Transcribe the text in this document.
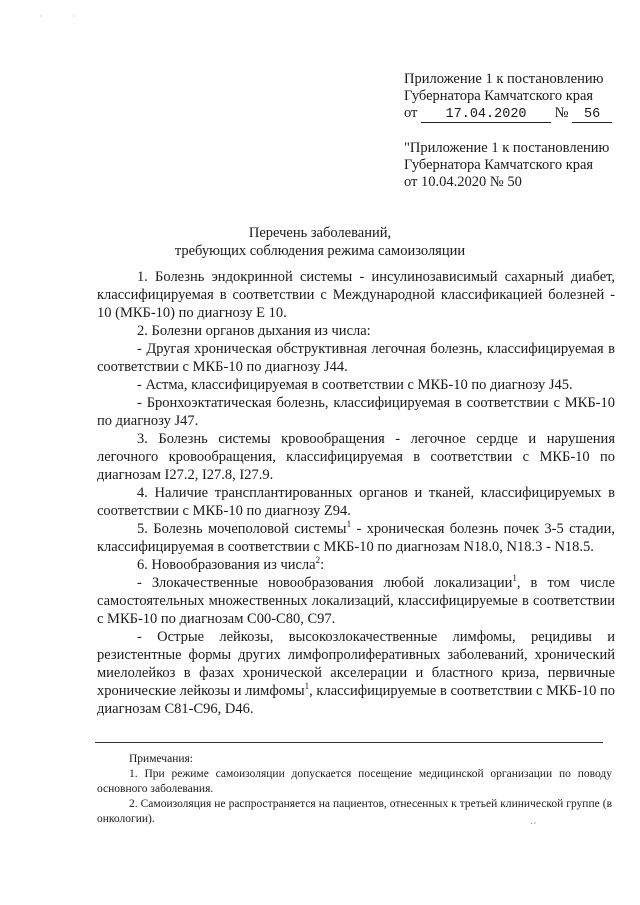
· ·

Приложение 1 к постановлению

Губернатора Камчатского края

от 17.04.2020 № 56

"Приложение 1 к постановлению

Губернатора Камчатского края

от 10.04.2020 № 50

Перечень заболеваний,

требующих соблюдения режима самоизоляции

1. Болезнь эндокринной системы - инсулинозависимый сахарный диабет, классифицируемая в соответствии с Международной классификацией болезней - 10 (МКБ-10) по диагнозу Е 10.

2. Болезни органов дыхания из числа:

- Другая хроническая обструктивная легочная болезнь, классифицируемая в соответствии с МКБ-10 по диагнозу J44.

- Астма, классифицируемая в соответствии с МКБ-10 по диагнозу J45.

- Бронхоэктатическая болезнь, классифицируемая в соответствии с МКБ-10 по диагнозу J47.

3. Болезнь системы кровообращения - легочное сердце и нарушения легочного кровообращения, классифицируемая в соответствии с МКБ-10 по диагнозам I27.2, I27.8, I27.9.

4. Наличие трансплантированных органов и тканей, классифицируемых в соответствии с МКБ-10 по диагнозу Z94.

5. Болезнь мочеполовой системы$^1$ - хроническая болезнь почек 3-5 стадии, классифицируемая в соответствии с МКБ-10 по диагнозам N18.0, N18.3 - N18.5.

6. Новообразования из числа$^2$:

- Злокачественные новообразования любой локализации$^1$, в том числе самостоятельных множественных локализаций, классифицируемые в соответствии с МКБ-10 по диагнозам С00-С80, С97.

- Острые лейкозы, высокозлокачественные лимфомы, рецидивы и резистентные формы других лимфопролиферативных заболеваний, хронический миелолейкоз в фазах хронической акселерации и бластного криза, первичные хронические лейкозы и лимфомы$^1$, классифицируемые в соответствии с МКБ-10 по диагнозам С81-С96, D46.

Примечания:

1. При режиме самоизоляции допускается посещение медицинской организации по поводу основного заболевания.

2. Самоизоляция не распространяется на пациентов, отнесенных к третьей клинической группе (в онкологии).

˙ˊ
